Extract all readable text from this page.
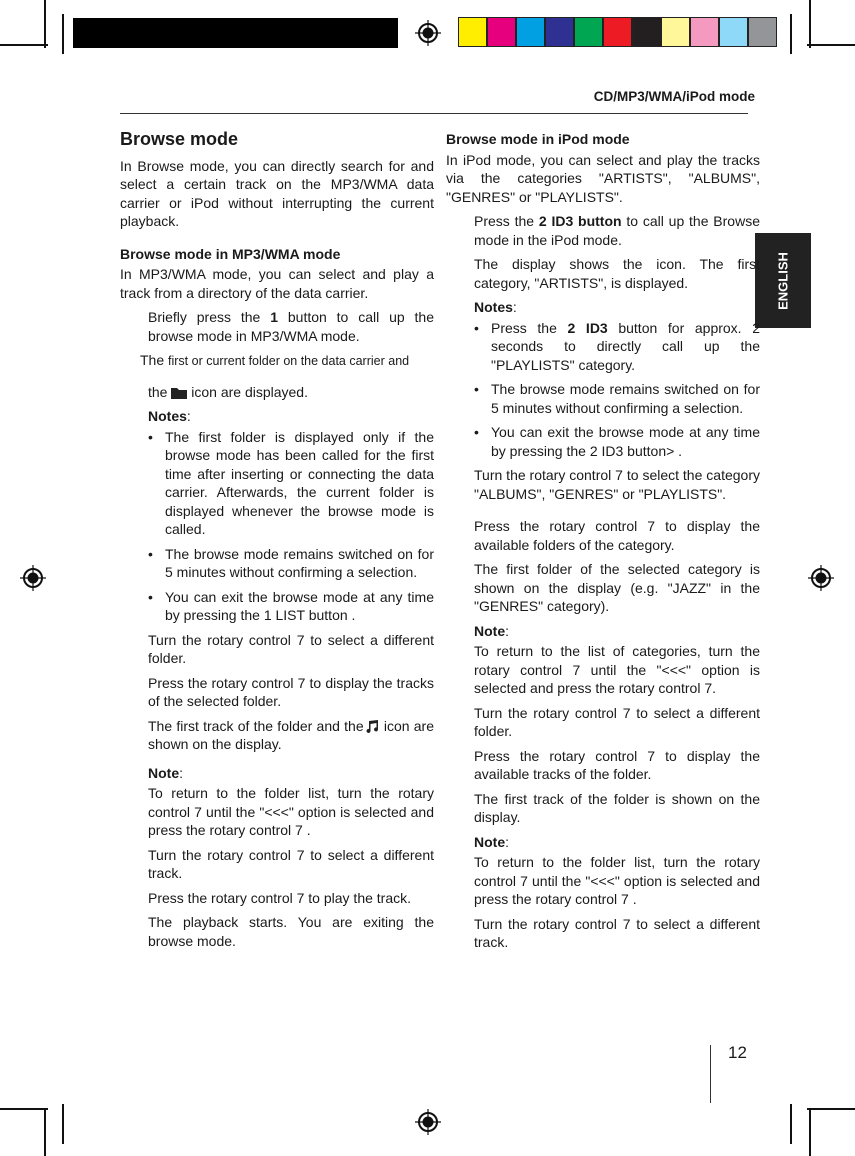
CD/MP3/WMA/iPod mode
ENGLISH
Browse mode

In Browse mode, you can directly search for and select a certain track on the MP3/WMA data carrier or iPod without interrupting the current playback.

Browse mode in MP3/WMA mode

In MP3/WMA mode, you can select and play a track from a directory of the data carrier.

Briefly press the 1 button to call up the browse mode in MP3/WMA mode.

The first or current folder on the data carrier and

the  icon are displayed.

Notes:

• The first folder is displayed only if the browse mode has been called for the first time after inserting or connecting the data carrier. Afterwards, the current folder is displayed whenever the browse mode is called.

• The browse mode remains switched on for 5 minutes without confirming a selection.

• You can exit the browse mode at any time by pressing the 1 LIST button .

Turn the rotary control 7 to select a different folder.

Press the rotary control 7 to display the tracks of the selected folder.

The first track of the folder and the icon are shown on the display.

Note:

To return to the folder list, turn the rotary control 7 until the "<<<" option is selected and press the rotary control 7 .

Turn the rotary control 7 to select a different track.

Press the rotary control 7 to play the track.

The playback starts. You are exiting the browse mode.

Browse mode in iPod mode

In iPod mode, you can select and play the tracks via the categories "ARTISTS", "ALBUMS", "GENRES" or "PLAYLISTS".

Press the 2 ID3 button to call up the Browse mode in the iPod mode.

The display shows the icon. The first category, "ARTISTS", is displayed.

Notes:

• Press the 2 ID3 button for approx. 2 seconds to directly call up the "PLAYLISTS" category.

• The browse mode remains switched on for 5 minutes without confirming a selection.

• You can exit the browse mode at any time by pressing the 2 ID3 button> .

Turn the rotary control 7 to select the category "ALBUMS", "GENRES" or "PLAYLISTS".

Press the rotary control 7 to display the available folders of the category.

The first folder of the selected category is shown on the display (e.g. "JAZZ" in the "GENRES" category).

Note:

To return to the list of categories, turn the rotary control 7 until the "<<<" option is selected and press the rotary control 7.

Turn the rotary control 7 to select a different folder.

Press the rotary control 7 to display the available tracks of the folder.

The first track of the folder is shown on the display.

Note:

To return to the folder list, turn the rotary control 7 until the "<<<" option is selected and press the rotary control 7 .

Turn the rotary control 7 to select a different track.

12
